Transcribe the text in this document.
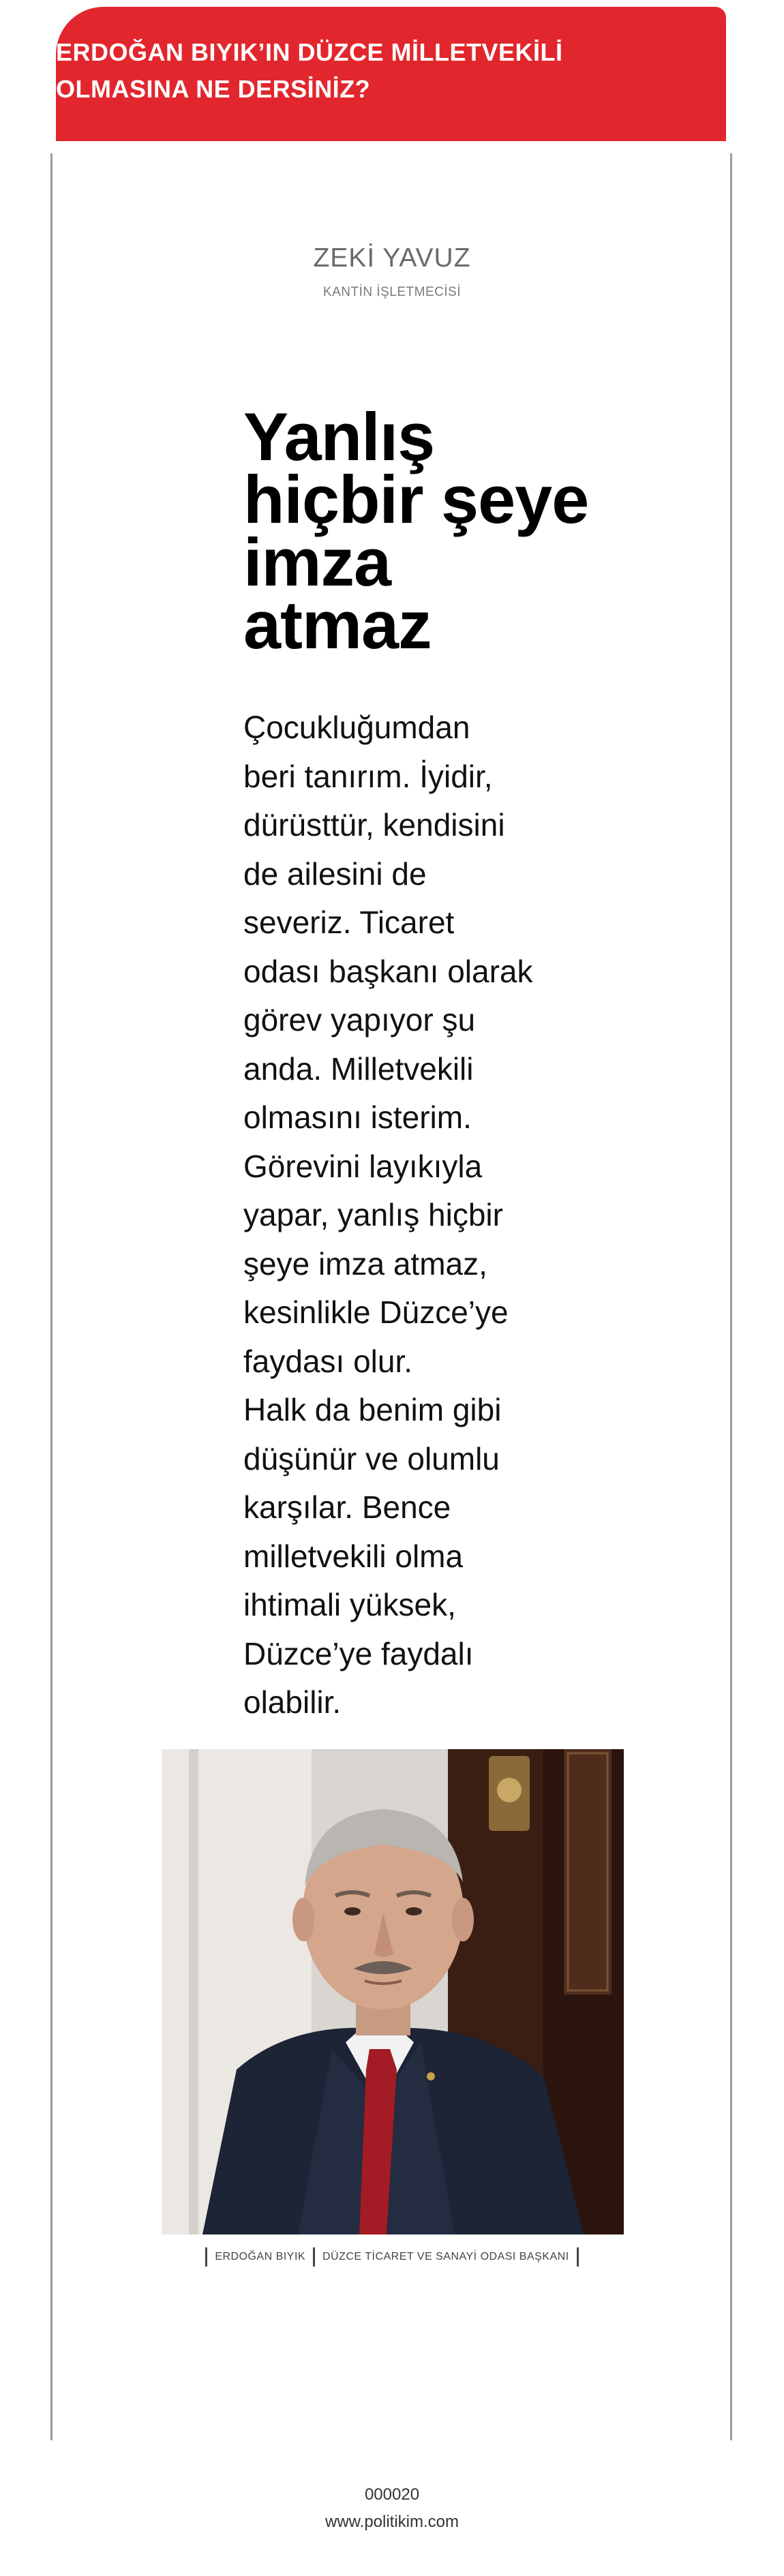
ERDOĞAN BIYIK’IN DÜZCE MİLLETVEKİLİ
OLMASINA NE DERSİNİZ?
ZEKİ YAVUZ
KANTİN İŞLETMECİSİ
Yanlış
hiçbir şeye
imza
atmaz

Çocukluğumdan
beri tanırım. İyidir,
dürüsttür, kendisini
de ailesini de
severiz. Ticaret
odası başkanı olarak
görev yapıyor şu
anda. Milletvekili
olmasını isterim.
Görevini layıkıyla
yapar, yanlış hiçbir
şeye imza atmaz,
kesinlikle Düzce’ye
faydası olur.

Halk da benim gibi
düşünür ve olumlu
karşılar. Bence
milletvekili olma
ihtimali yüksek,
Düzce’ye faydalı
olabilir.

ERDOĞAN BIYIK DÜZCE TİCARET VE SANAYİ ODASI BAŞKANI
000020
www.politikim.com
